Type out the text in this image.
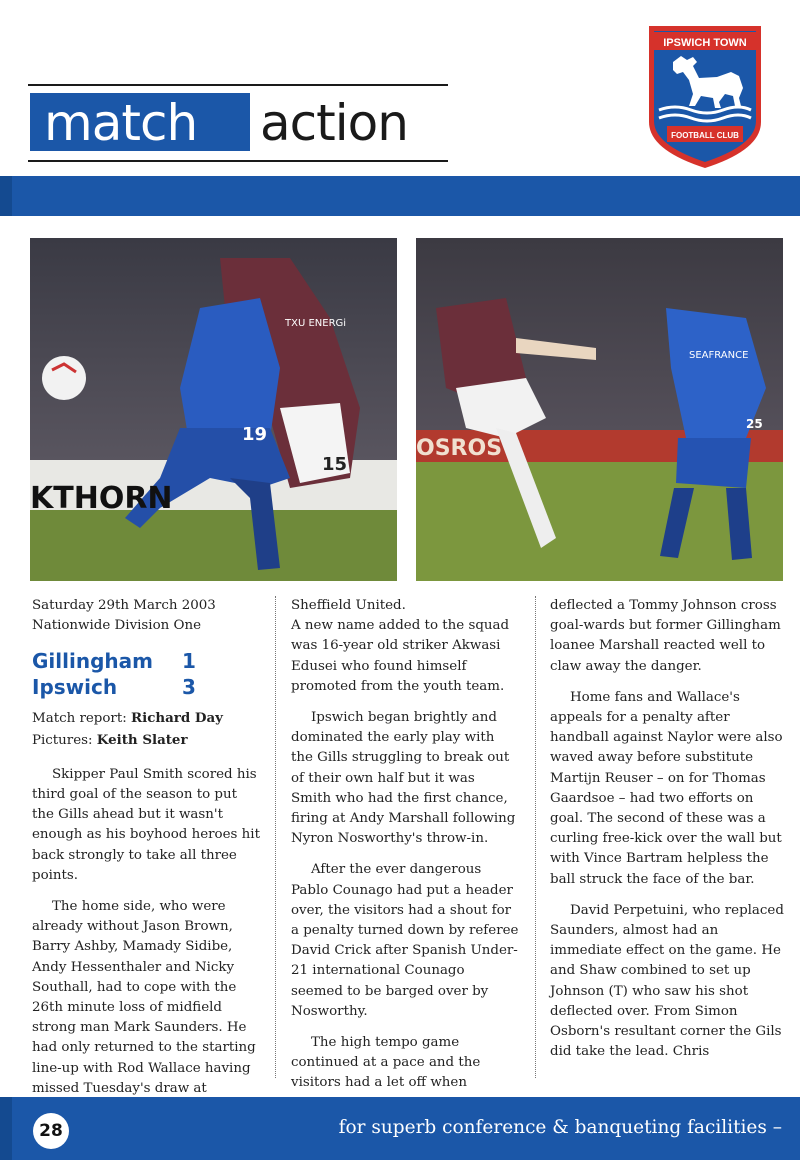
match action
IPSWICH TOWN
FOOTBALL CLUB
KTHORN
TXU ENERGi
19
15
OSROS
SEAFRANCE
25
Saturday 29th March 2003
Nationwide Division One
Gillingham	1
Ipswich	3
Match report: Richard Day
Pictures: Keith Slater

Skipper Paul Smith scored his third goal of the season to put the Gills ahead but it wasn't enough as his boyhood heroes hit back strongly to take all three points.

The home side, who were already without Jason Brown, Barry Ashby, Mamady Sidibe, Andy Hessenthaler and Nicky Southall, had to cope with the 26th minute loss of midfield strong man Mark Saunders. He had only returned to the starting line-up with Rod Wallace having missed Tuesday's draw at

Sheffield United.

A new name added to the squad was 16-year old striker Akwasi Edusei who found himself promoted from the youth team.

Ipswich began brightly and dominated the early play with the Gills struggling to break out of their own half but it was Smith who had the first chance, firing at Andy Marshall following Nyron Nosworthy's throw-in.

After the ever dangerous Pablo Counago had put a header over, the visitors had a shout for a penalty turned down by referee David Crick after Spanish Under-21 international Counago seemed to be barged over by Nosworthy.

The high tempo game continued at a pace and the visitors had a let off when

deflected a Tommy Johnson cross goal-wards but former Gillingham loanee Marshall reacted well to claw away the danger.

Home fans and Wallace's appeals for a penalty after handball against Naylor were also waved away before substitute Martijn Reuser – on for Thomas Gaardsoe – had two efforts on goal. The second of these was a curling free-kick over the wall but with Vince Bartram helpless the ball struck the face of the bar.

David Perpetuini, who replaced Saunders, almost had an immediate effect on the game. He and Shaw combined to set up Johnson (T) who saw his shot deflected over. From Simon Osborn's resultant corner the Gils did take the lead. Chris

28	for superb conference & banqueting facilities –
